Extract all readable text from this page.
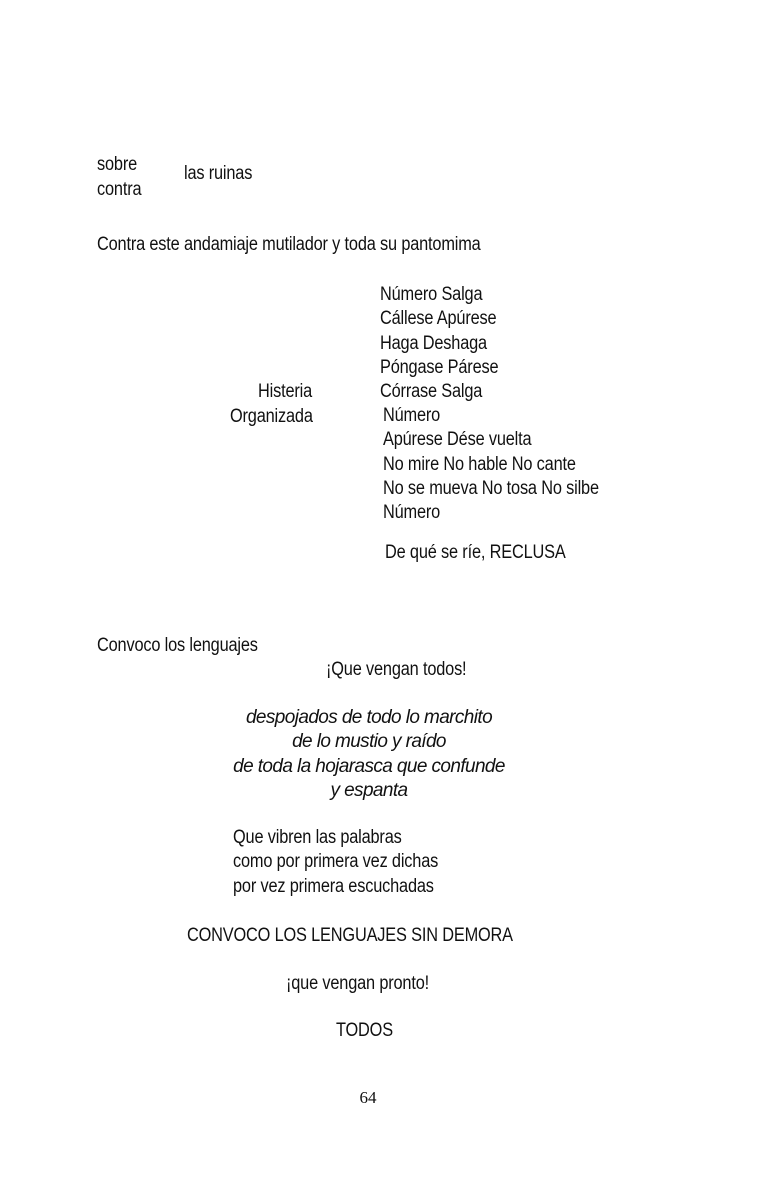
sobre
contra
las ruinas
Contra este andamiaje mutilador y toda su pantomima
Número Salga
Cállese Apúrese
Haga Deshaga
Póngase Párese
Córrase Salga
Histeria
Organizada	Número
Apúrese Dése vuelta
No mire No hable No cante
No se mueva No tosa No silbe
Número
De qué se ríe, RECLUSA
Convoco los lenguajes
¡Que vengan todos!
despojados de todo lo marchito
de lo mustio y raído
de toda la hojarasca que confunde
y espanta
Que vibren las palabras
como por primera vez dichas
por vez primera escuchadas
CONVOCO LOS LENGUAJES SIN DEMORA
¡que vengan pronto!
TODOS
64
